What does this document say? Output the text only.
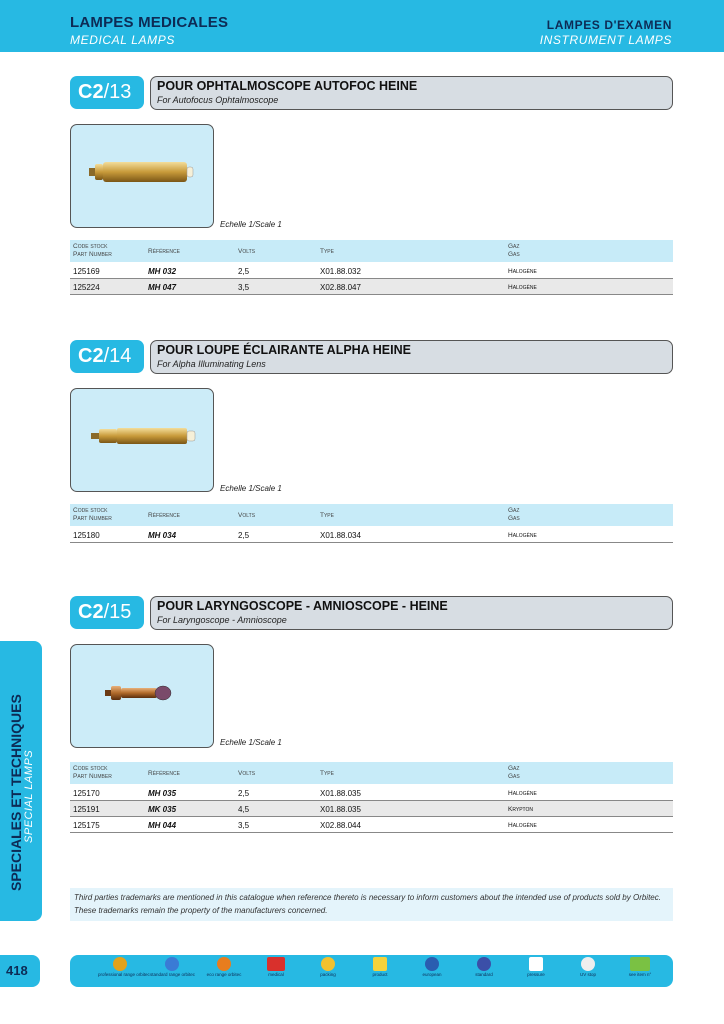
LAMPES MEDICALES
MEDICAL LAMPS
LAMPES D'EXAMEN
INSTRUMENT LAMPS
C2/13	POUR OPHTALMOSCOPE AUTOFOC HEINE
For Autofocus Ophtalmoscope
Echelle 1/Scale 1
Code stock
Part Number	Référence	Volts	Type
Gaz
Gas
125169	MH 032	2,5	X01.88.032	Halogène
125224	MH 047	3,5	X02.88.047	Halogène
C2/14	POUR LOUPE ÉCLAIRANTE ALPHA HEINE
For Alpha Illuminating Lens
Echelle 1/Scale 1
Code stock
Part Number	Référence	Volts	Type
Gaz
Gas
125180	MH 034	2,5	X01.88.034	Halogène
C2/15	POUR LARYNGOSCOPE - AMNIOSCOPE - HEINE
For Laryngoscope - Amnioscope
Echelle 1/Scale 1
Code stock
Part Number	Référence	Volts	Type
Gaz
Gas
125170	MH 035	2,5	X01.88.035	Halogène
125191	MK 035	4,5	X01.88.035	Krypton
125175	MH 044	3,5	X02.88.044	Halogène
SPECIALES ET TECHNIQUES SPECIAL LAMPS
Third parties trademarks are mentioned in this catalogue when reference thereto is necessary to inform customers about the intended use of products sold by Orbitec. These trademarks remain the property of the manufacturers concerned.
418	professional range orbitec standard range orbitec	eco range orbitec	medical	packing	product	european	standard	pressure	UV stop	see item n°
